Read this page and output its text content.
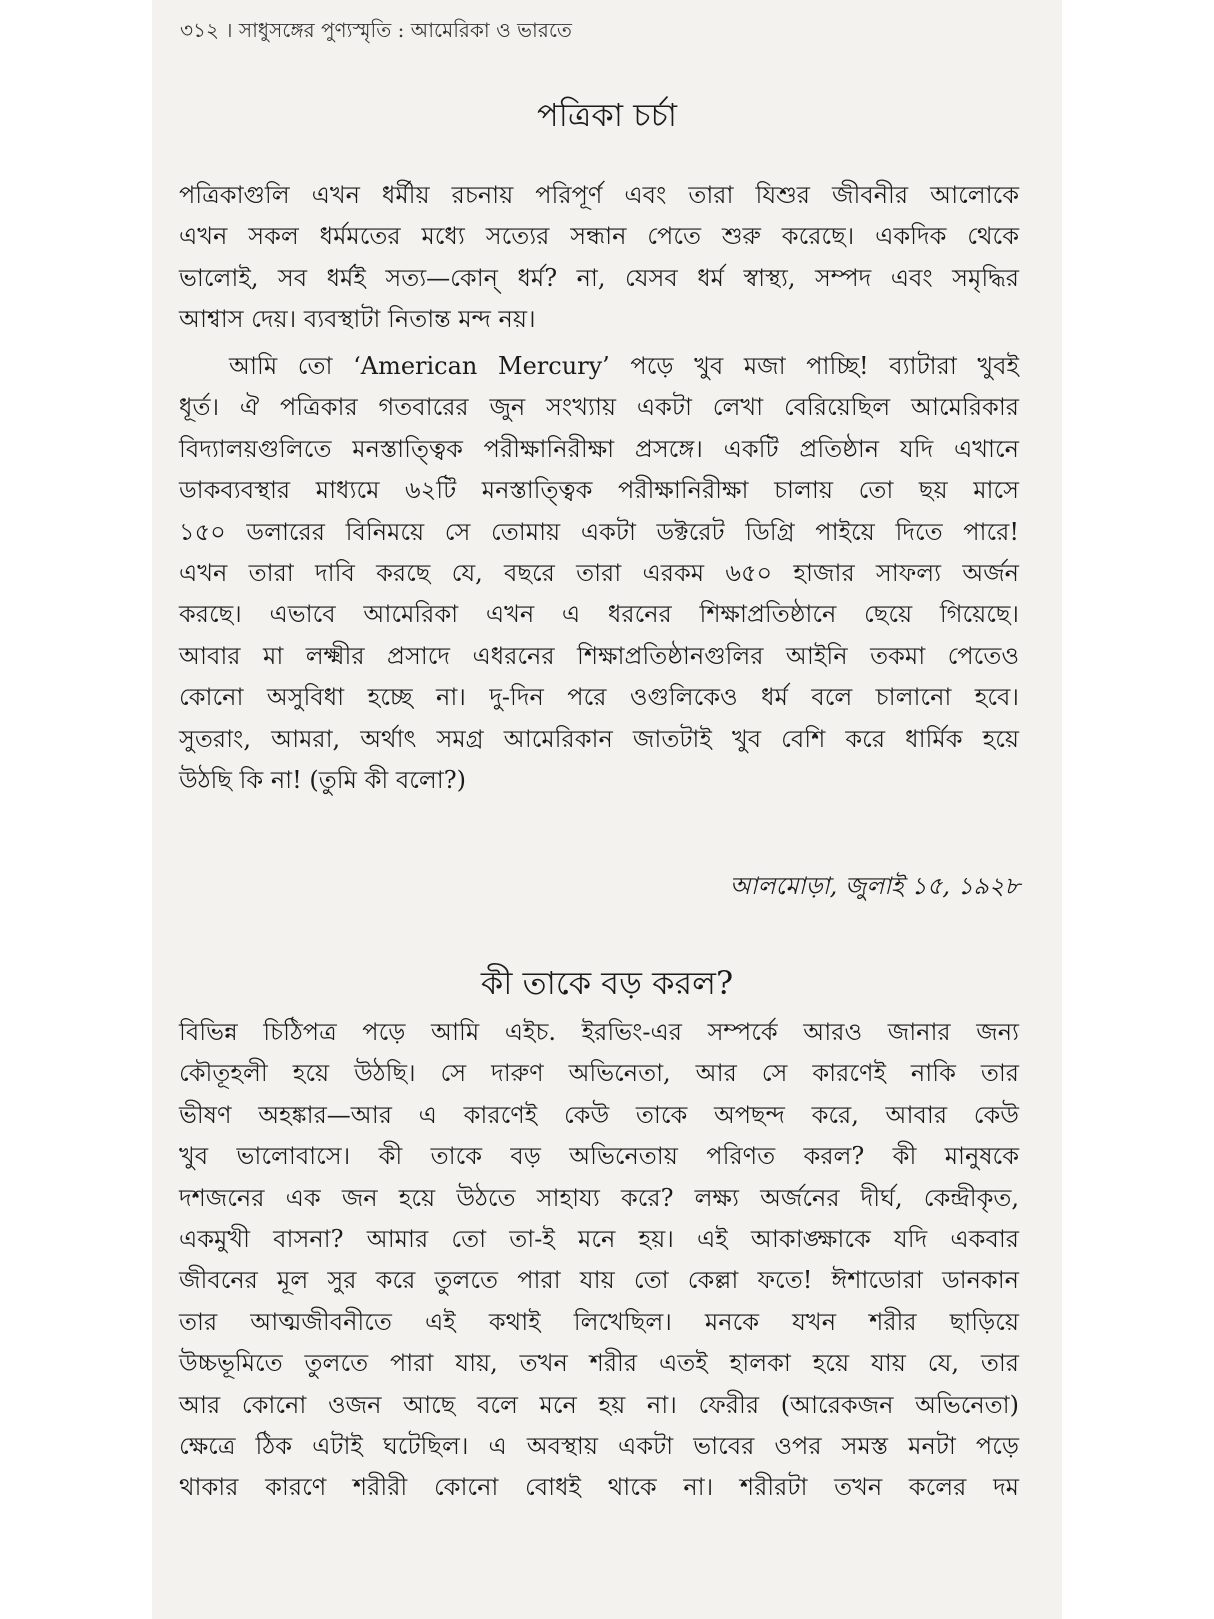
৩১২ । সাধুসঙ্গের পুণ্যস্মৃতি : আমেরিকা ও ভারতে
পত্রিকা চর্চা
পত্রিকাগুলি এখন ধর্মীয় রচনায় পরিপূর্ণ এবং তারা যিশুর জীবনীর আলোকে
এখন সকল ধর্মমতের মধ্যে সত্যের সন্ধান পেতে শুরু করেছে। একদিক থেকে
ভালোই, সব ধর্মই সত্য—কোন্ ধর্ম? না, যেসব ধর্ম স্বাস্থ্য, সম্পদ এবং সমৃদ্ধির
আশ্বাস দেয়। ব্যবস্থাটা নিতান্ত মন্দ নয়।
আমি তো ‘American Mercury’ পড়ে খুব মজা পাচ্ছি! ব্যাটারা খুবই
ধূর্ত। ঐ পত্রিকার গতবারের জুন সংখ্যায় একটা লেখা বেরিয়েছিল আমেরিকার
বিদ্যালয়গুলিতে মনস্তাত্ত্বিক পরীক্ষানিরীক্ষা প্রসঙ্গে। একটি প্রতিষ্ঠান যদি এখানে
ডাকব্যবস্থার মাধ্যমে ৬২টি মনস্তাত্ত্বিক পরীক্ষানিরীক্ষা চালায় তো ছয় মাসে
১৫০ ডলারের বিনিময়ে সে তোমায় একটা ডক্টরেট ডিগ্রি পাইয়ে দিতে পারে!
এখন তারা দাবি করছে যে, বছরে তারা এরকম ৬৫০ হাজার সাফল্য অর্জন
করছে। এভাবে আমেরিকা এখন এ ধরনের শিক্ষাপ্রতিষ্ঠানে ছেয়ে গিয়েছে।
আবার মা লক্ষ্মীর প্রসাদে এধরনের শিক্ষাপ্রতিষ্ঠানগুলির আইনি তকমা পেতেও
কোনো অসুবিধা হচ্ছে না। দু-দিন পরে ওগুলিকেও ধর্ম বলে চালানো হবে।
সুতরাং, আমরা, অর্থাৎ সমগ্র আমেরিকান জাতটাই খুব বেশি করে ধার্মিক হয়ে
উঠছি কি না! (তুমি কী বলো?)
আলমোড়া, জুলাই ১৫, ১৯২৮
কী তাকে বড় করল?
বিভিন্ন চিঠিপত্র পড়ে আমি এইচ. ইরভিং-এর সম্পর্কে আরও জানার জন্য
কৌতূহলী হয়ে উঠছি। সে দারুণ অভিনেতা, আর সে কারণেই নাকি তার
ভীষণ অহঙ্কার—আর এ কারণেই কেউ তাকে অপছন্দ করে, আবার কেউ
খুব ভালোবাসে। কী তাকে বড় অভিনেতায় পরিণত করল? কী মানুষকে
দশজনের এক জন হয়ে উঠতে সাহায্য করে? লক্ষ্য অর্জনের দীর্ঘ, কেন্দ্রীকৃত,
একমুখী বাসনা? আমার তো তা-ই মনে হয়। এই আকাঙ্ক্ষাকে যদি একবার
জীবনের মূল সুর করে তুলতে পারা যায় তো কেল্লা ফতে! ঈশাডোরা ডানকান
তার আত্মজীবনীতে এই কথাই লিখেছিল। মনকে যখন শরীর ছাড়িয়ে
উচ্চভূমিতে তুলতে পারা যায়, তখন শরীর এতই হালকা হয়ে যায় যে, তার
আর কোনো ওজন আছে বলে মনে হয় না। ফেরীর (আরেকজন অভিনেতা)
ক্ষেত্রে ঠিক এটাই ঘটেছিল। এ অবস্থায় একটা ভাবের ওপর সমস্ত মনটা পড়ে
থাকার কারণে শরীরী কোনো বোধই থাকে না। শরীরটা তখন কলের দম
